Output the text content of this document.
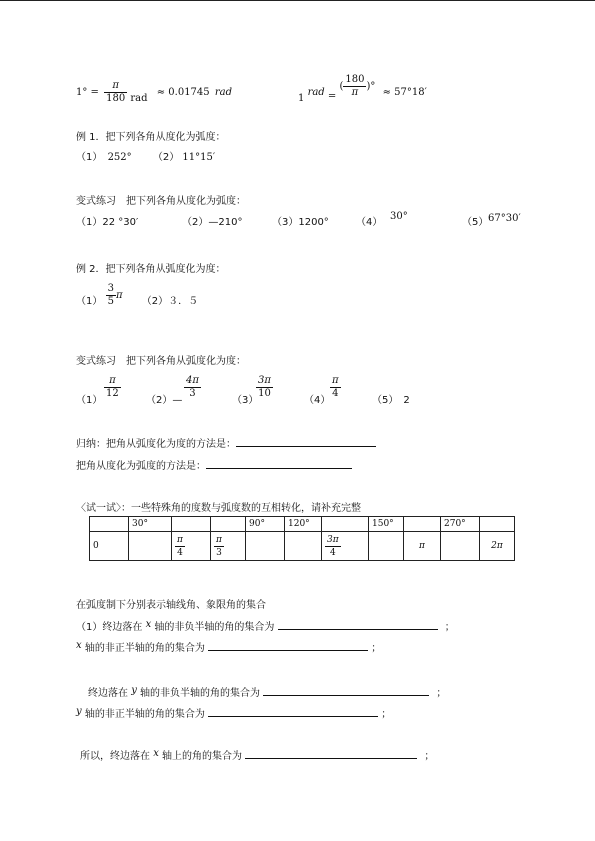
$1^\circ = \frac{\pi}{180}$ rad ≈ 0.01745 rad
1 rad = ( $\frac{180}{\pi}$ )° ≈ 57°18′
例 1．把下列各角从度化为弧度：
（1） 252° （2） 11°15′
变式练习　把下列各角从度化为弧度：
（1）22 °30′	（2）—210°	（3）1200°	（4）
30°
（5） 67°30′
例 2．把下列各角从弧度化为度：
$(1) \frac{3}{5}$ π （2）３．５
变式练习　把下列各角从弧度化为度：
（1）
$\frac{\pi}{12}$
（2）—
$\frac{4\pi}{3}$
（3）
$\frac{3\pi}{10}$
（4）
$\frac{\pi}{4}$
（5）　2
归纳：把角从弧度化为度的方法是：
把角从度化为弧度的方法是：
〈试一试〉：一些特殊角的度数与弧度数的互相转化，请补充完整
	30°			90°	120°		150°		270°	
0		$\frac{\pi}{4}$	$\frac{\pi}{3}$			$\frac{3\pi}{4}$		π		2π
在弧度制下分别表示轴线角、象限角的集合
（1）终边落在 x 轴的非负半轴的角的集合为	；
x 轴的非正半轴的角的集合为	；
终边落在 y 轴的非负半轴的角的集合为	；
y 轴的非正半轴的角的集合为	；
所以，终边落在 x 轴上的角的集合为	；
